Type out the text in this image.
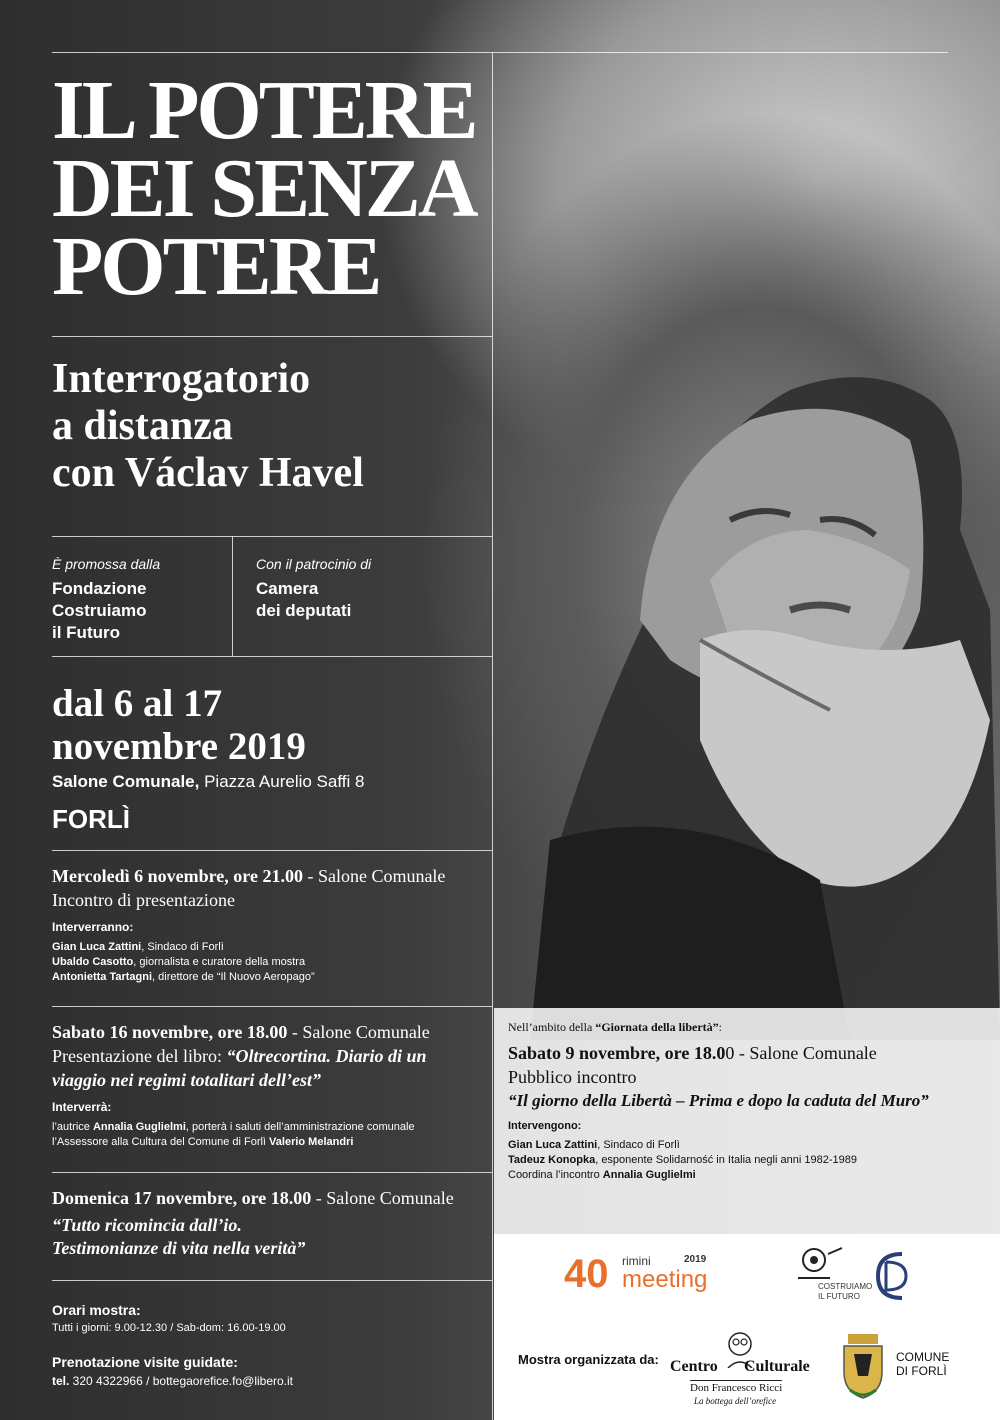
IL POTERE
DEI SENZA
POTERE
Interrogatorio
a distanza
con Václav Havel
È promossa dalla
Fondazione
Costruiamo
il Futuro
Con il patrocinio di
Camera
dei deputati
dal 6 al 17
novembre 2019
Salone Comunale, Piazza Aurelio Saffi 8
FORLÌ
Mercoledì 6 novembre, ore 21.00 - Salone Comunale
Incontro di presentazione
Interverranno:
Gian Luca Zattini, Sindaco di Forlì
Ubaldo Casotto, giornalista e curatore della mostra
Antonietta Tartagni, direttore de “Il Nuovo Aeropago”
Sabato 16 novembre, ore 18.00 - Salone Comunale
Presentazione del libro: “Oltrecortina. Diario di un viaggio nei regimi totalitari dell’est”
Interverrà:
l’autrice Annalia Guglielmi, porterà i saluti dell’amministrazione comunale
l’Assessore alla Cultura del Comune di Forlì Valerio Melandri
Domenica 17 novembre, ore 18.00 - Salone Comunale
“Tutto ricomincia dall’io.
Testimonianze di vita nella verità”
Orari mostra:
Tutti i giorni: 9.00-12.30 / Sab-dom: 16.00-19.00
Prenotazione visite guidate:
tel. 320 4322966 / bottegaorefice.fo@libero.it
Nell’ambito della “Giornata della libertà”:
Sabato 9 novembre, ore 18.00 - Salone Comunale
Pubblico incontro
“Il giorno della Libertà – Prima e dopo la caduta del Muro”
Intervengono:
Gian Luca Zattini, Sindaco di Forlì
Tadeuz Konopka, esponente Solidarność in Italia negli anni 1982-1989
Coordina l’incontro Annalia Guglielmi
40 rimini
meeting
2019
COSTRUIAMO
IL FUTURO
Mostra organizzata da: Centro Culturale
Don Francesco Ricci
La bottega dell’orefice
COMUNE
DI FORLÌ
